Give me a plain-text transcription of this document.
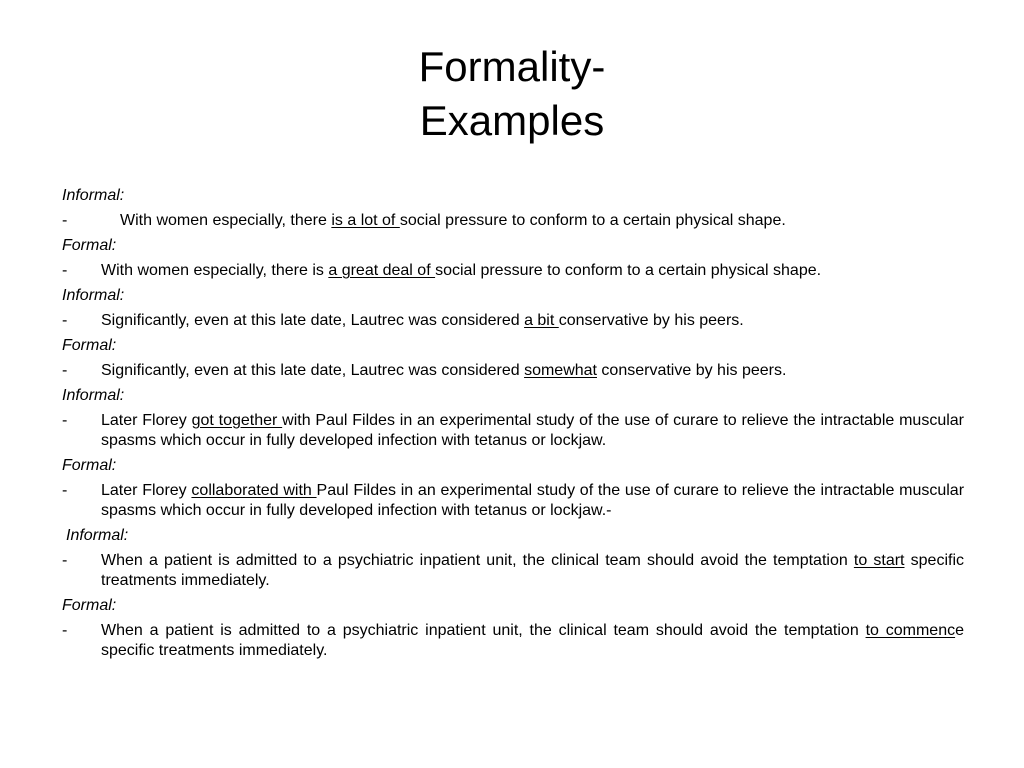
Formality-
Examples
Informal:
-	With women especially, there is a lot of social pressure to conform to a certain physical shape.
Formal:
-	With women especially, there is a great deal of social pressure to conform to a certain physical shape.
Informal:
-	Significantly, even at this late date, Lautrec was considered a bit conservative by his peers.
Formal:
-	Significantly, even at this late date, Lautrec was considered somewhat conservative by his peers.
Informal:
-	Later Florey got together with Paul Fildes in an experimental study of the use of curare to relieve the intractable muscular spasms which occur in fully developed infection with tetanus or lockjaw.
Formal:
-	Later Florey collaborated with Paul Fildes in an experimental study of the use of curare to relieve the intractable muscular spasms which occur in fully developed infection with tetanus or lockjaw.-
Informal:
-	When a patient is admitted to a psychiatric inpatient unit, the clinical team should avoid the temptation to start specific treatments immediately.
Formal:
-	When a patient is admitted to a psychiatric inpatient unit, the clinical team should avoid the temptation to commence specific treatments immediately.
